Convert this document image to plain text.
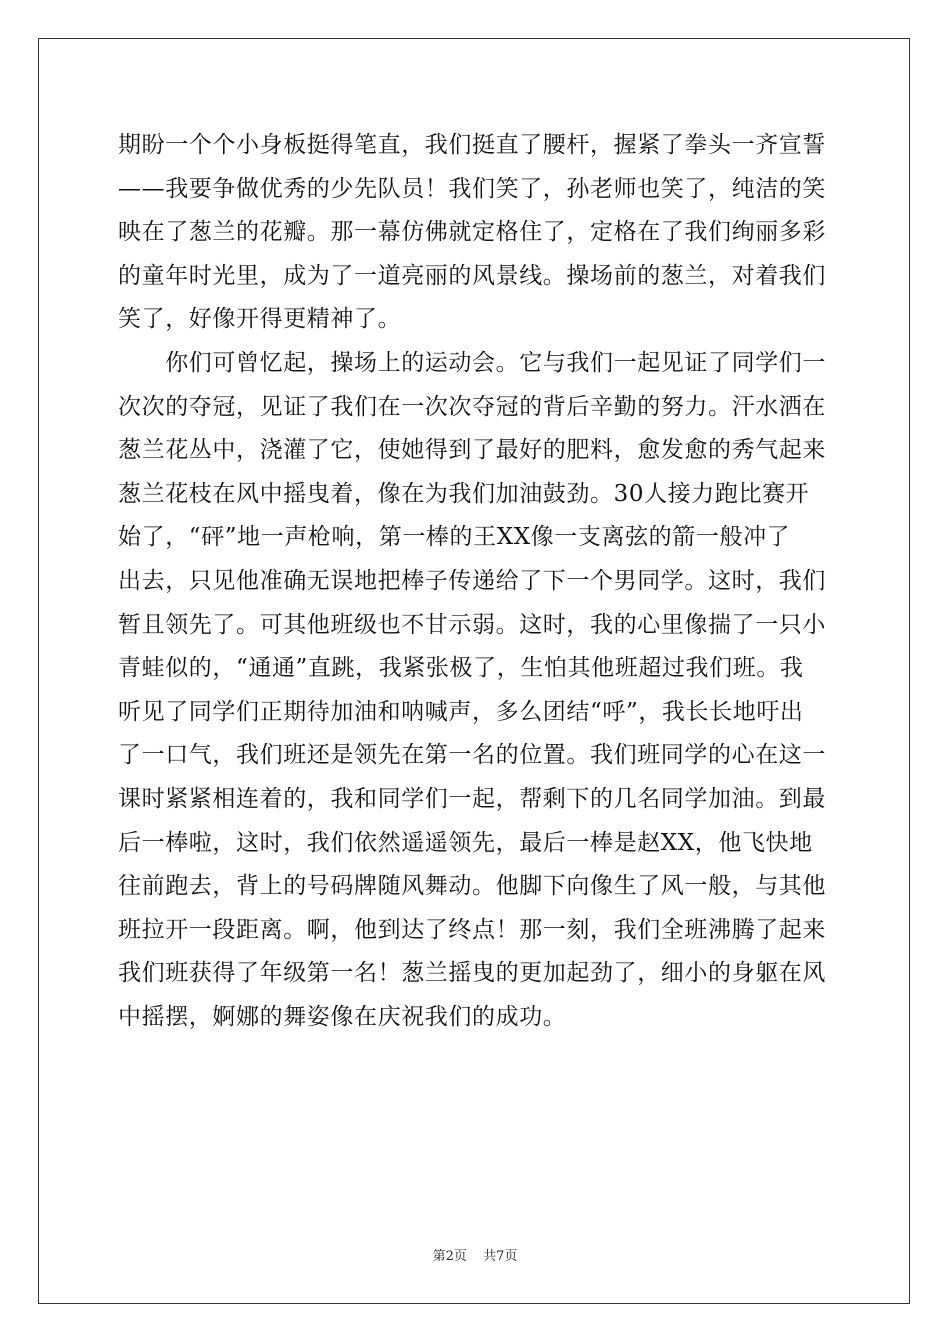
期盼一个个小身板挺得笔直，我们挺直了腰杆，握紧了拳头一齐宣誓
——我要争做优秀的少先队员！我们笑了，孙老师也笑了，纯洁的笑
映在了葱兰的花瓣。那一幕仿佛就定格住了，定格在了我们绚丽多彩
的童年时光里，成为了一道亮丽的风景线。操场前的葱兰，对着我们
笑了，好像开得更精神了。
　　你们可曾忆起，操场上的运动会。它与我们一起见证了同学们一
次次的夺冠，见证了我们在一次次夺冠的背后辛勤的努力。汗水洒在
葱兰花丛中，浇灌了它，使她得到了最好的肥料，愈发愈的秀气起来
葱兰花枝在风中摇曳着，像在为我们加油鼓劲。30人接力跑比赛开
始了，“砰”地一声枪响，第一棒的王XX像一支离弦的箭一般冲了
出去，只见他准确无误地把棒子传递给了下一个男同学。这时，我们
暂且领先了。可其他班级也不甘示弱。这时，我的心里像揣了一只小
青蛙似的，“通通”直跳，我紧张极了，生怕其他班超过我们班。我
听见了同学们正期待加油和呐喊声，多么团结“呼”，我长长地吁出
了一口气，我们班还是领先在第一名的位置。我们班同学的心在这一
课时紧紧相连着的，我和同学们一起，帮剩下的几名同学加油。到最
后一棒啦，这时，我们依然遥遥领先，最后一棒是赵XX，他飞快地
往前跑去，背上的号码牌随风舞动。他脚下向像生了风一般，与其他
班拉开一段距离。啊，他到达了终点！那一刻，我们全班沸腾了起来
我们班获得了年级第一名！葱兰摇曳的更加起劲了，细小的身躯在风
中摇摆，婀娜的舞姿像在庆祝我们的成功。
第2页 共7页
